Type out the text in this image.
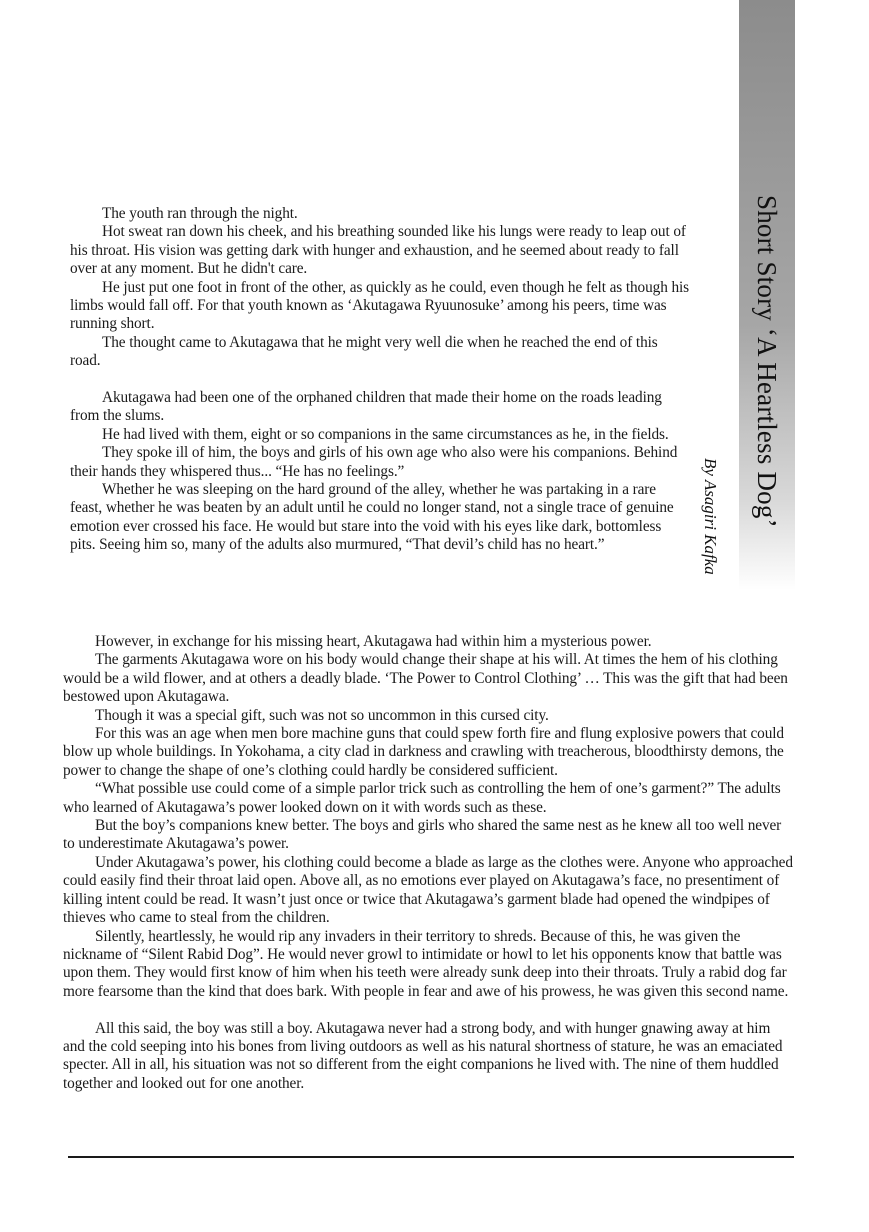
Short Story ‘A Heartless Dog’
By Asagiri Kafka

The youth ran through the night.

Hot sweat ran down his cheek, and his breathing sounded like his lungs were ready to leap out of his throat. His vision was getting dark with hunger and exhaustion, and he seemed about ready to fall over at any moment. But he didn't care.

He just put one foot in front of the other, as quickly as he could, even though he felt as though his limbs would fall off. For that youth known as ‘Akutagawa Ryuunosuke’ among his peers, time was running short.

The thought came to Akutagawa that he might very well die when he reached the end of this road.

Akutagawa had been one of the orphaned children that made their home on the roads leading from the slums.

He had lived with them, eight or so companions in the same circumstances as he, in the fields.

They spoke ill of him, the boys and girls of his own age who also were his companions. Behind their hands they whispered thus... “He has no feelings.”

Whether he was sleeping on the hard ground of the alley, whether he was partaking in a rare feast, whether he was beaten by an adult until he could no longer stand, not a single trace of genuine emotion ever crossed his face. He would but stare into the void with his eyes like dark, bottomless pits. Seeing him so, many of the adults also murmured, “That devil’s child has no heart.”

However, in exchange for his missing heart, Akutagawa had within him a mysterious power.

The garments Akutagawa wore on his body would change their shape at his will. At times the hem of his clothing would be a wild flower, and at others a deadly blade. ‘The Power to Control Clothing’ … This was the gift that had been bestowed upon Akutagawa.

Though it was a special gift, such was not so uncommon in this cursed city.

For this was an age when men bore machine guns that could spew forth fire and flung explosive powers that could blow up whole buildings. In Yokohama, a city clad in darkness and crawling with treacherous, bloodthirsty demons, the power to change the shape of one’s clothing could hardly be considered sufficient.

“What possible use could come of a simple parlor trick such as controlling the hem of one’s garment?” The adults who learned of Akutagawa’s power looked down on it with words such as these.

But the boy’s companions knew better. The boys and girls who shared the same nest as he knew all too well never to underestimate Akutagawa’s power.

Under Akutagawa’s power, his clothing could become a blade as large as the clothes were. Anyone who approached could easily find their throat laid open. Above all, as no emotions ever played on Akutagawa’s face, no presentiment of killing intent could be read. It wasn’t just once or twice that Akutagawa’s garment blade had opened the windpipes of thieves who came to steal from the children.

Silently, heartlessly, he would rip any invaders in their territory to shreds. Because of this, he was given the nickname of “Silent Rabid Dog”. He would never growl to intimidate or howl to let his opponents know that battle was upon them. They would first know of him when his teeth were already sunk deep into their throats. Truly a rabid dog far more fearsome than the kind that does bark. With people in fear and awe of his prowess, he was given this second name.

All this said, the boy was still a boy. Akutagawa never had a strong body, and with hunger gnawing away at him and the cold seeping into his bones from living outdoors as well as his natural shortness of stature, he was an emaciated specter. All in all, his situation was not so different from the eight companions he lived with. The nine of them huddled together and looked out for one another.
